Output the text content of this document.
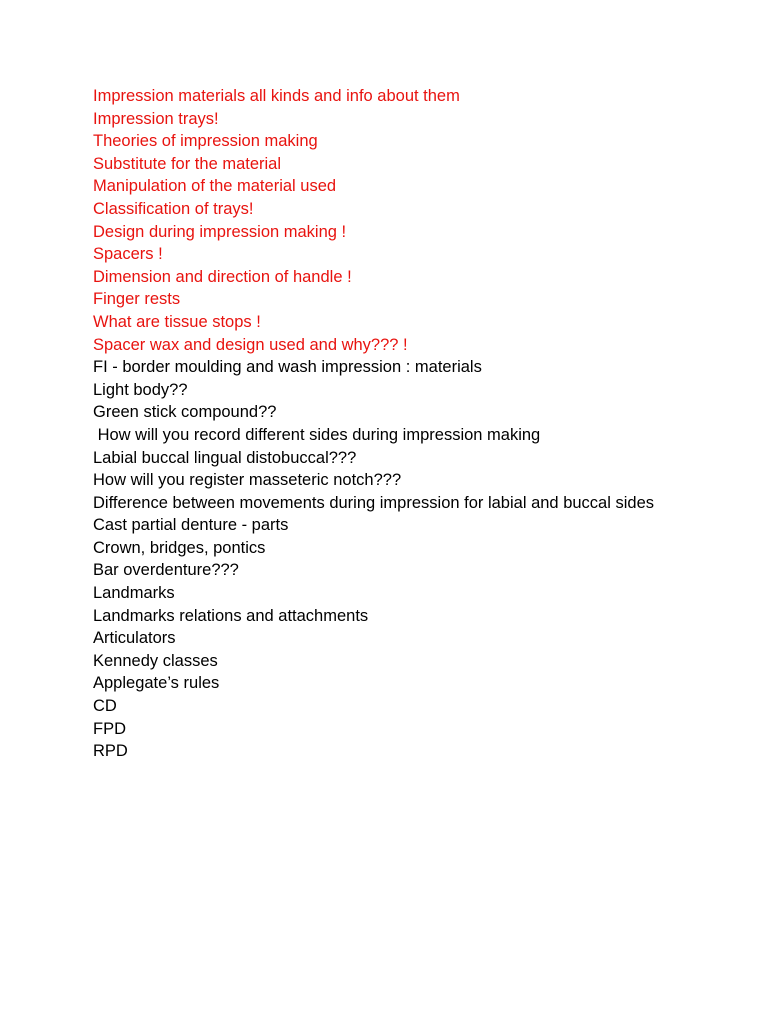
Impression materials all kinds and info about them

Impression trays!

Theories of impression making

Substitute for the material

Manipulation of the material used

Classification of trays!

Design during impression making !

Spacers !

Dimension and direction of handle !

Finger rests

What are tissue stops !

Spacer wax and design used and why??? !

FI - border moulding and wash impression : materials

Light body??

Green stick compound??

How will you record different sides during impression making

Labial buccal lingual distobuccal???

How will you register masseteric notch???

Difference between movements during impression for labial and buccal sides

Cast partial denture - parts

Crown, bridges, pontics

Bar overdenture???

Landmarks

Landmarks relations and attachments

Articulators

Kennedy classes

Applegate’s rules

CD

FPD

RPD
